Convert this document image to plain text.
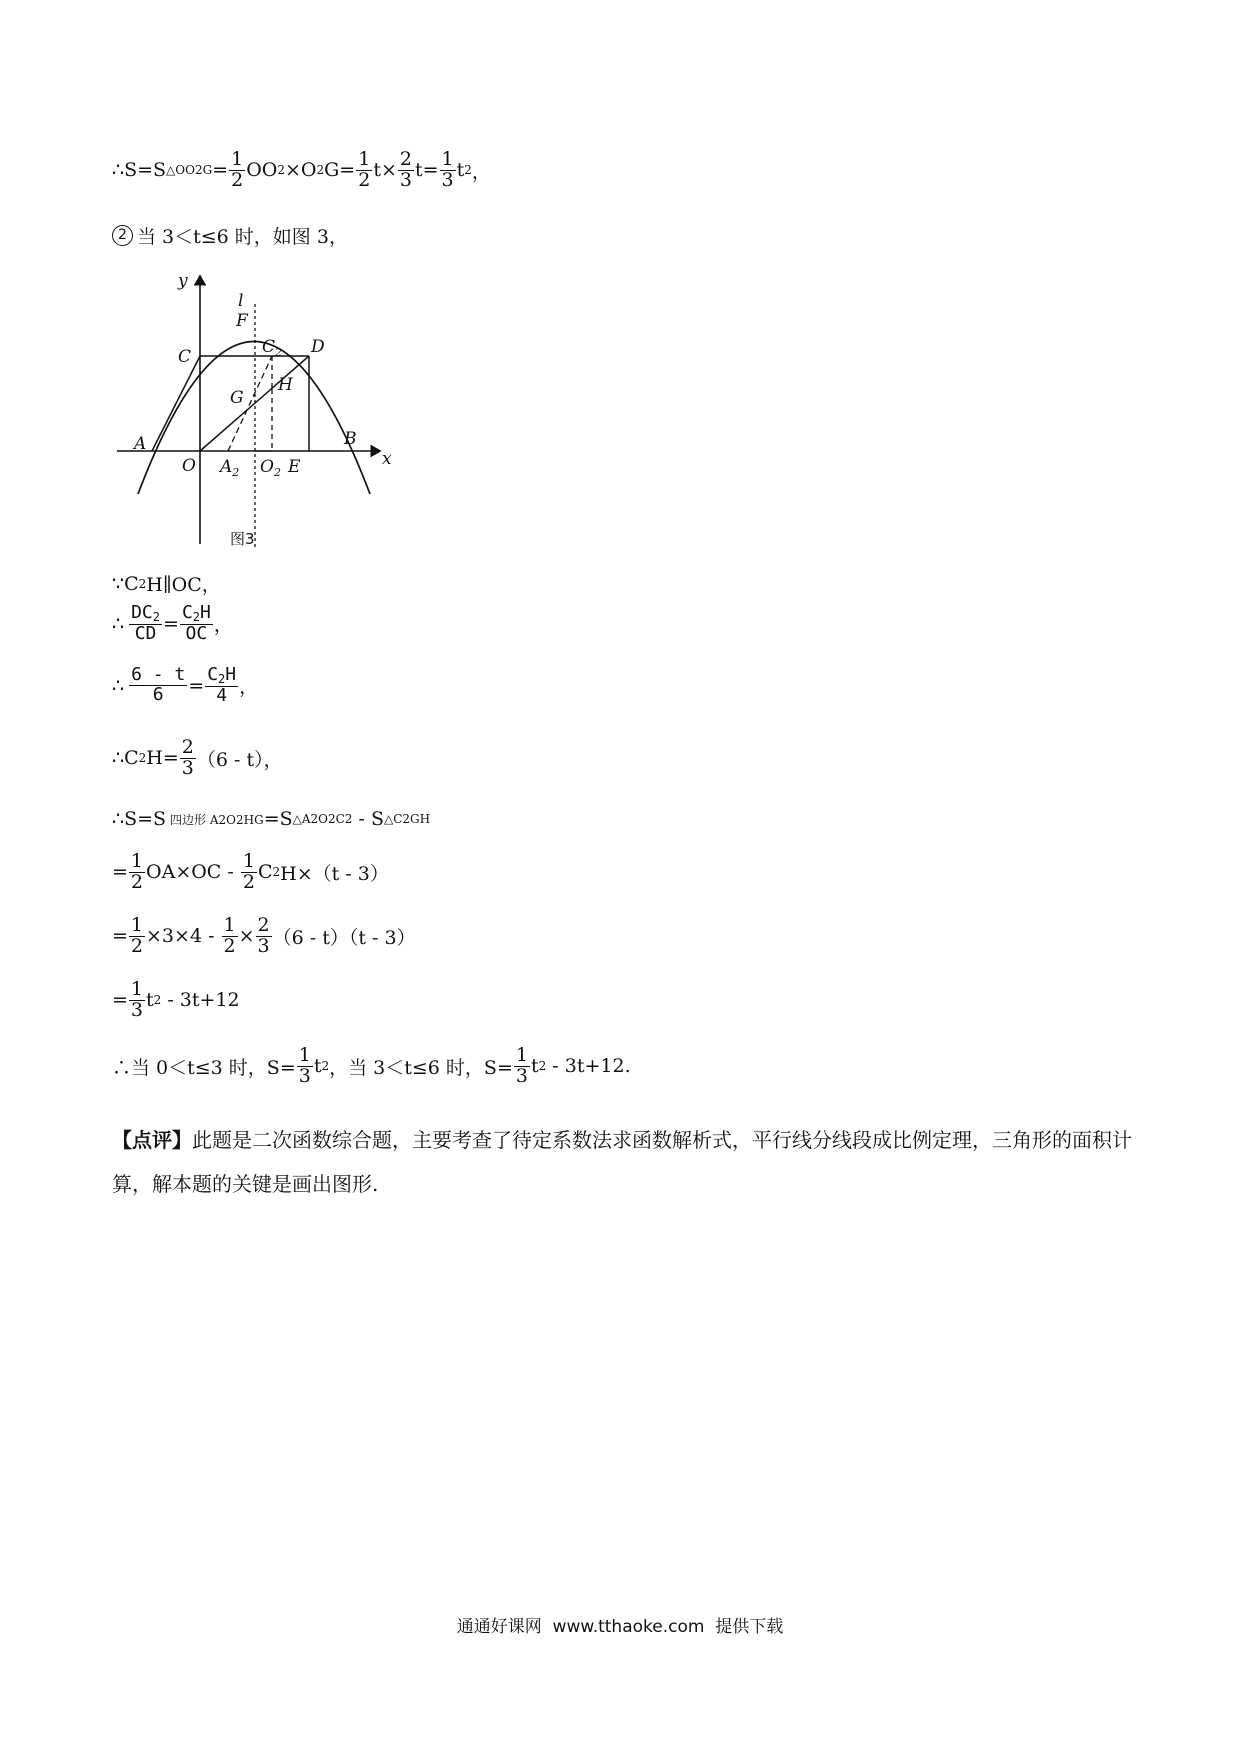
∴S=S △OO2G = $\frac{1}{2}$ OO 2 ×O 2 $G= \frac{1}{2} t\times \frac{2}{3} t= \frac{1}{3}$ t 2 ，
2 当 3＜t≤6 时，如图 3，
y
x
l
F
C	$C_2$ D
H
G
A
O $A_2$ $O_2$ E
B
图3
∵C 2 H∥OC，
∴ $\frac{DC_2}{CD} = \frac{C_2H}{OC}$ ，
∴ $\frac{6 - t}{6} = \frac{C_2H}{4}$ ，
∴C 2 $H= \frac{2}{3} (6 - t)$，
∴S=S 四边形 A2O2HG =S △A2O2C2 - S △C2GH
= $\frac{1}{2} OA\times OC - \frac{1}{2}$ C 2 H×（t - 3）
= $\frac{1}{2} \times 3\times 4 - \frac{1}{2} \times \frac{2}{3} (6 - t)(t - 3)$
= $\frac{1}{3}$ t 2 - 3t+12
∴当 0＜t≤3 时，$S= \frac{1}{3}$ t 2 ，当 3＜t≤6 时，$S= \frac{1}{3}$ t 2 - 3t+12.
【点评】此题是二次函数综合题，主要考查了待定系数法求函数解析式，平行线分线段成比例定理，三角形的面积计算，解本题的关键是画出图形.
通通好课网  www.tthaoke.com  提供下载
